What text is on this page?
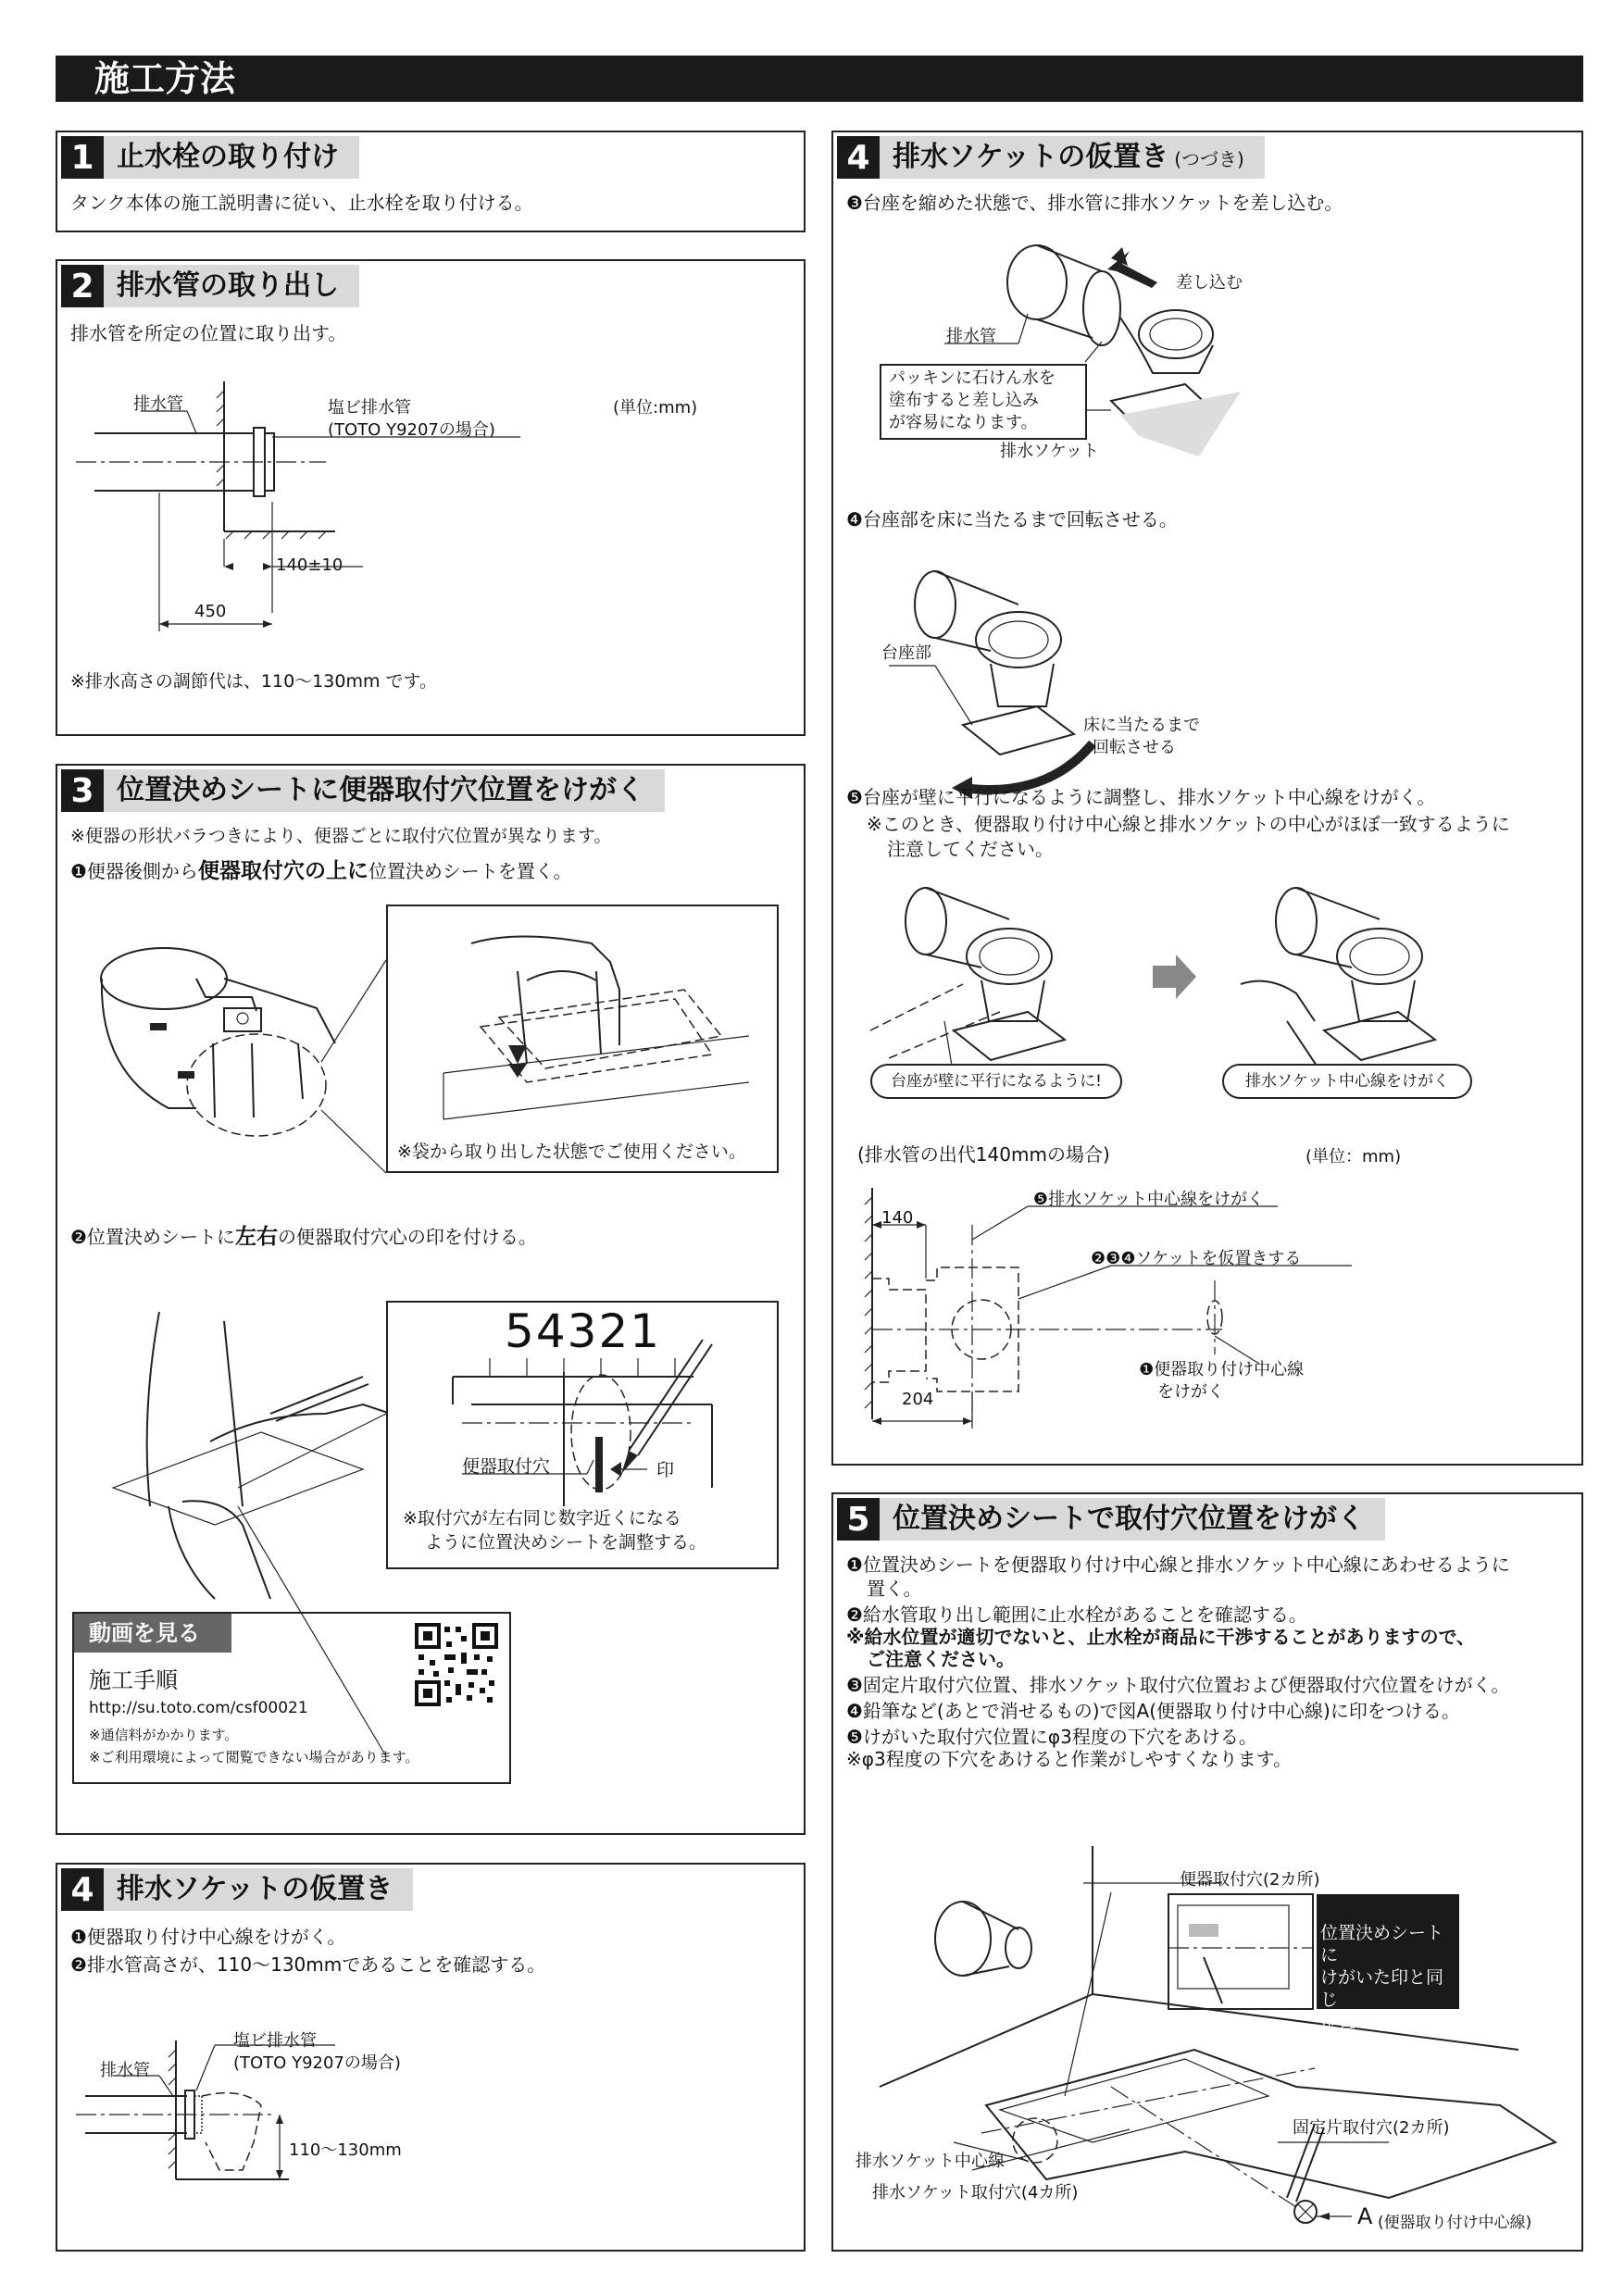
施工方法
1 止水栓の取り付け
タンク本体の施工説明書に従い、止水栓を取り付ける。
2 排水管の取り出し
排水管を所定の位置に取り出す。
排水管	塩ビ排水管
(TOTO Y9207の場合)
(単位:mm)
140±10
450
※排水高さの調節代は、110〜130mm です。
3 位置決めシートに便器取付穴位置をけがく
※便器の形状バラつきにより、便器ごとに取付穴位置が異なります。
❶便器後側から便器取付穴の上に位置決めシートを置く。
※袋から取り出した状態でご使用ください。
❷位置決めシートに左右の便器取付穴心の印を付ける。
5 4 3 2 1
便器取付穴	印
※取付穴が左右同じ数字近くになる
ように位置決めシートを調整する。
動画を見る
施工手順
http://su.toto.com/csf00021
※通信料がかかります。
※ご利用環境によって閲覧できない場合があります。
4 排水ソケットの仮置き
❶便器取り付け中心線をけがく。
❷排水管高さが、110〜130mmであることを確認する。
塩ビ排水管
(TOTO Y9207の場合)
排水管
110〜130mm
4 排水ソケットの仮置き (つづき)
❸台座を縮めた状態で、排水管に排水ソケットを差し込む。
差し込む
排水管
パッキンに石けん水を
塗布すると差し込み
が容易になります。
排水ソケット
❹台座部を床に当たるまで回転させる。
台座部
床に当たるまで
回転させる
❺台座が壁に平行になるように調整し、排水ソケット中心線をけがく。
※このとき、便器取り付け中心線と排水ソケットの中心がほぼ一致するように
注意してください。
台座が壁に平行になるように!	排水ソケット中心線をけがく
(排水管の出代140mmの場合)	(単位：mm)
140
204
❺排水ソケット中心線をけがく
❷❸❹ソケットを仮置きする
❶便器取り付け中心線
をけがく
5 位置決めシートで取付穴位置をけがく
❶位置決めシートを便器取り付け中心線と排水ソケット中心線にあわせるように
置く。
❷給水管取り出し範囲に止水栓があることを確認する。
※給水位置が適切でないと、止水栓が商品に干渉することがありますので、
ご注意ください。
❸固定片取付穴位置、排水ソケット取付穴位置および便器取付穴位置をけがく。
❹鉛筆など(あとで消せるもの)で図A(便器取り付け中心線)に印をつける。
❺けがいた取付穴位置にφ3程度の下穴をあける。
※φ3程度の下穴をあけると作業がしやすくなります。
便器取付穴(2カ所)
位置決めシートに
けがいた印と同じ
位置でけがく
固定片取付穴(2カ所)
排水ソケット中心線
排水ソケット取付穴(4カ所)
A (便器取り付け中心線)
